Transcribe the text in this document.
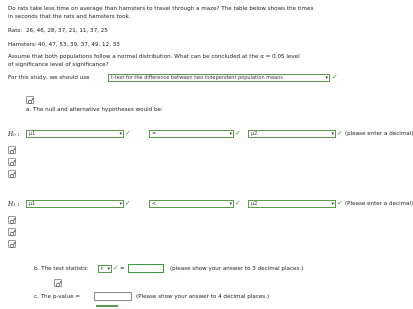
Do rats take less time on average than hamsters to travel through a maze? The table below shows the times
in seconds that the rats and hamsters took.
Rats: 26, 46, 28, 37, 21, 11, 37, 25
Hamsters: 40, 47, 53, 39, 37, 49, 12, 33
Assume that both populations follow a normal distribution. What can be concluded at the α = 0.05 level
of significance level of significance?
For this study, we should use	t-test for the difference between two independent population means	▾ ✓
a. The null and alternative hypotheses would be:
H₀ :	μ1	▾ ✓	=	▾ ✓	μ2	▾ ✓ (please enter a decimal)
H₁ :	μ1	▾ ✓	<	▾ ✓	μ2	▾ ✓ (Please enter a decimal)
b. The test statistic	t ▾ ✓ =	(please show your answer to 3 decimal places.)
c. The p-value =	(Please show your answer to 4 decimal places.)
